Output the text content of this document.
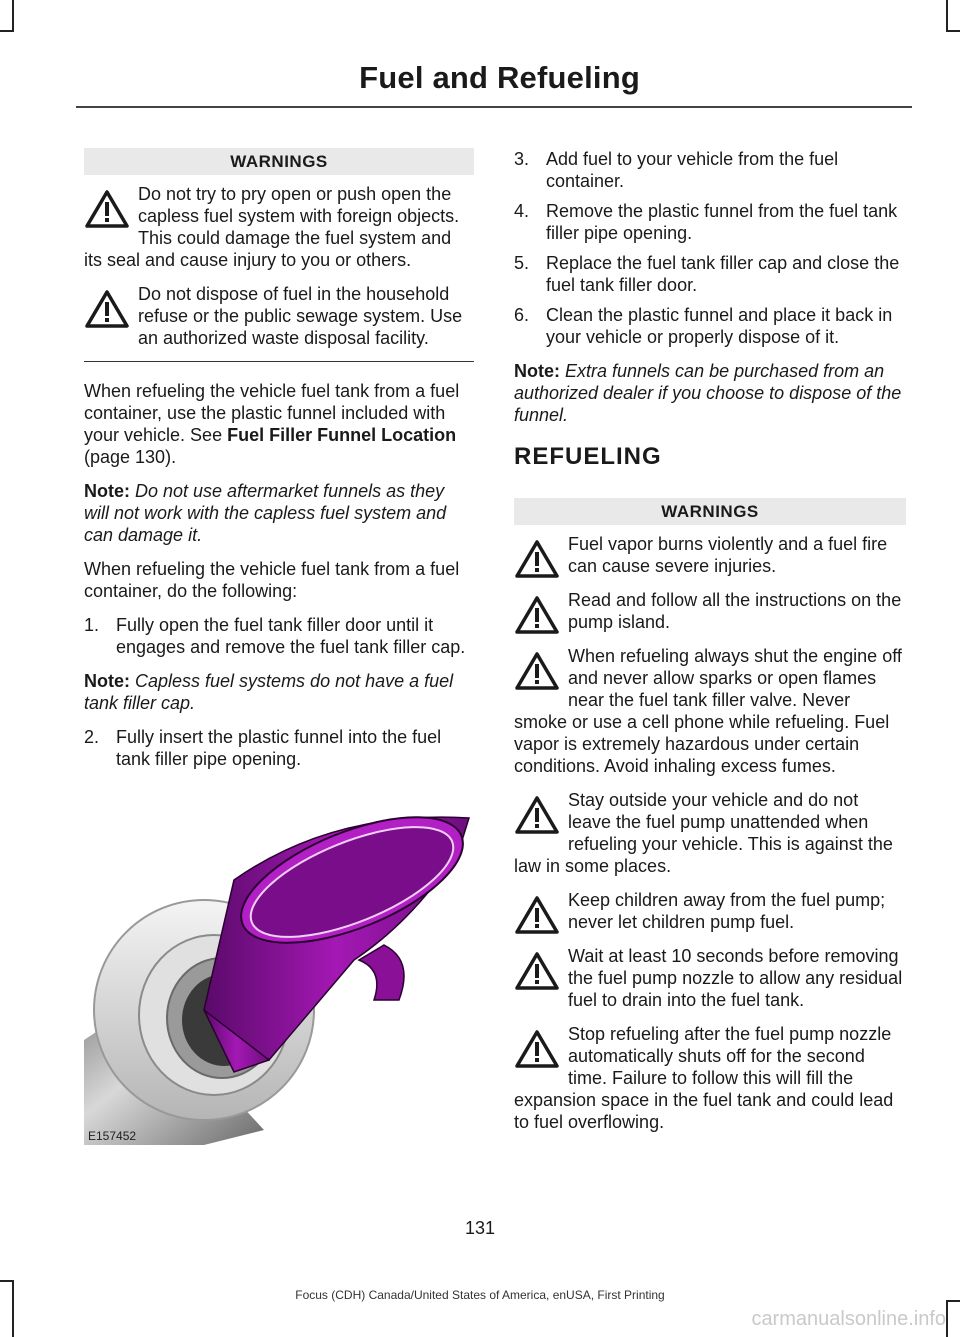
Fuel and Refueling
WARNINGS

Do not try to pry open or push open the capless fuel system with foreign objects. This could damage the fuel system and its seal and cause injury to you or others.

Do not dispose of fuel in the household refuse or the public sewage system. Use an authorized waste disposal facility.

When refueling the vehicle fuel tank from a fuel container, use the plastic funnel included with your vehicle. See Fuel Filler Funnel Location (page 130).

Note: Do not use aftermarket funnels as they will not work with the capless fuel system and can damage it.

When refueling the vehicle fuel tank from a fuel container, do the following:

1. Fully open the fuel tank filler door until it engages and remove the fuel tank filler cap.

Note: Capless fuel systems do not have a fuel tank filler cap.

2. Fully insert the plastic funnel into the fuel tank filler pipe opening.
E157452
3. Add fuel to your vehicle from the fuel container.
4. Remove the plastic funnel from the fuel tank filler pipe opening.
5. Replace the fuel tank filler cap and close the fuel tank filler door.
6. Clean the plastic funnel and place it back in your vehicle or properly dispose of it.

Note: Extra funnels can be purchased from an authorized dealer if you choose to dispose of the funnel.

REFUELING
WARNINGS

Fuel vapor burns violently and a fuel fire can cause severe injuries.

Read and follow all the instructions on the pump island.

When refueling always shut the engine off and never allow sparks or open flames near the fuel tank filler valve. Never smoke or use a cell phone while refueling. Fuel vapor is extremely hazardous under certain conditions. Avoid inhaling excess fumes.

Stay outside your vehicle and do not leave the fuel pump unattended when refueling your vehicle. This is against the law in some places.

Keep children away from the fuel pump; never let children pump fuel.

Wait at least 10 seconds before removing the fuel pump nozzle to allow any residual fuel to drain into the fuel tank.

Stop refueling after the fuel pump nozzle automatically shuts off for the second time. Failure to follow this will fill the expansion space in the fuel tank and could lead to fuel overflowing.

131
Focus (CDH) Canada/United States of America, enUSA, First Printing
carmanualsonline.info
